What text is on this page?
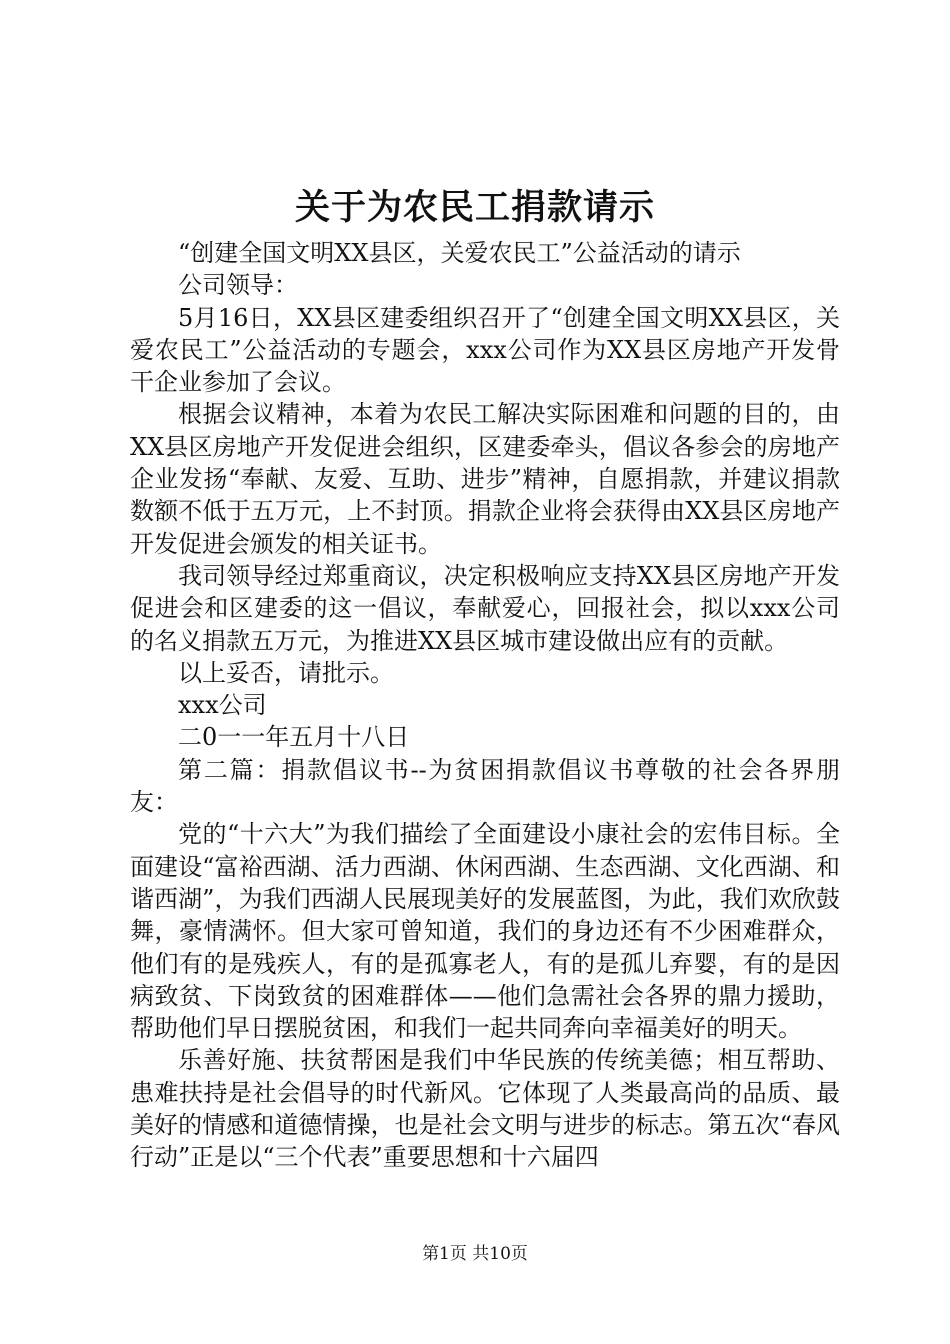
关于为农民工捐款请示

“创建全国文明XX县区，关爱农民工”公益活动的请示

公司领导：

5月16日，XX县区建委组织召开了“创建全国文明XX县区，关爱农民工”公益活动的专题会，xxx公司作为XX县区房地产开发骨干企业参加了会议。

根据会议精神，本着为农民工解决实际困难和问题的目的，由XX县区房地产开发促进会组织，区建委牵头，倡议各参会的房地产企业发扬“奉献、友爱、互助、进步”精神，自愿捐款，并建议捐款数额不低于五万元，上不封顶。捐款企业将会获得由XX县区房地产开发促进会颁发的相关证书。

我司领导经过郑重商议，决定积极响应支持XX县区房地产开发促进会和区建委的这一倡议，奉献爱心，回报社会，拟以xxx公司的名义捐款五万元，为推进XX县区城市建设做出应有的贡献。

以上妥否，请批示。

xxx公司

二0一一年五月十八日

第二篇：捐款倡议书--为贫困捐款倡议书尊敬的社会各界朋友：

党的“十六大”为我们描绘了全面建设小康社会的宏伟目标。全面建设“富裕西湖、活力西湖、休闲西湖、生态西湖、文化西湖、和谐西湖”，为我们西湖人民展现美好的发展蓝图，为此，我们欢欣鼓舞，豪情满怀。但大家可曾知道，我们的身边还有不少困难群众，他们有的是残疾人，有的是孤寡老人，有的是孤儿弃婴，有的是因病致贫、下岗致贫的困难群体——他们急需社会各界的鼎力援助，帮助他们早日摆脱贫困，和我们一起共同奔向幸福美好的明天。

乐善好施、扶贫帮困是我们中华民族的传统美德；相互帮助、患难扶持是社会倡导的时代新风。它体现了人类最高尚的品质、最美好的情感和道德情操，也是社会文明与进步的标志。第五次“春风行动”正是以“三个代表”重要思想和十六届四

第1页 共10页
